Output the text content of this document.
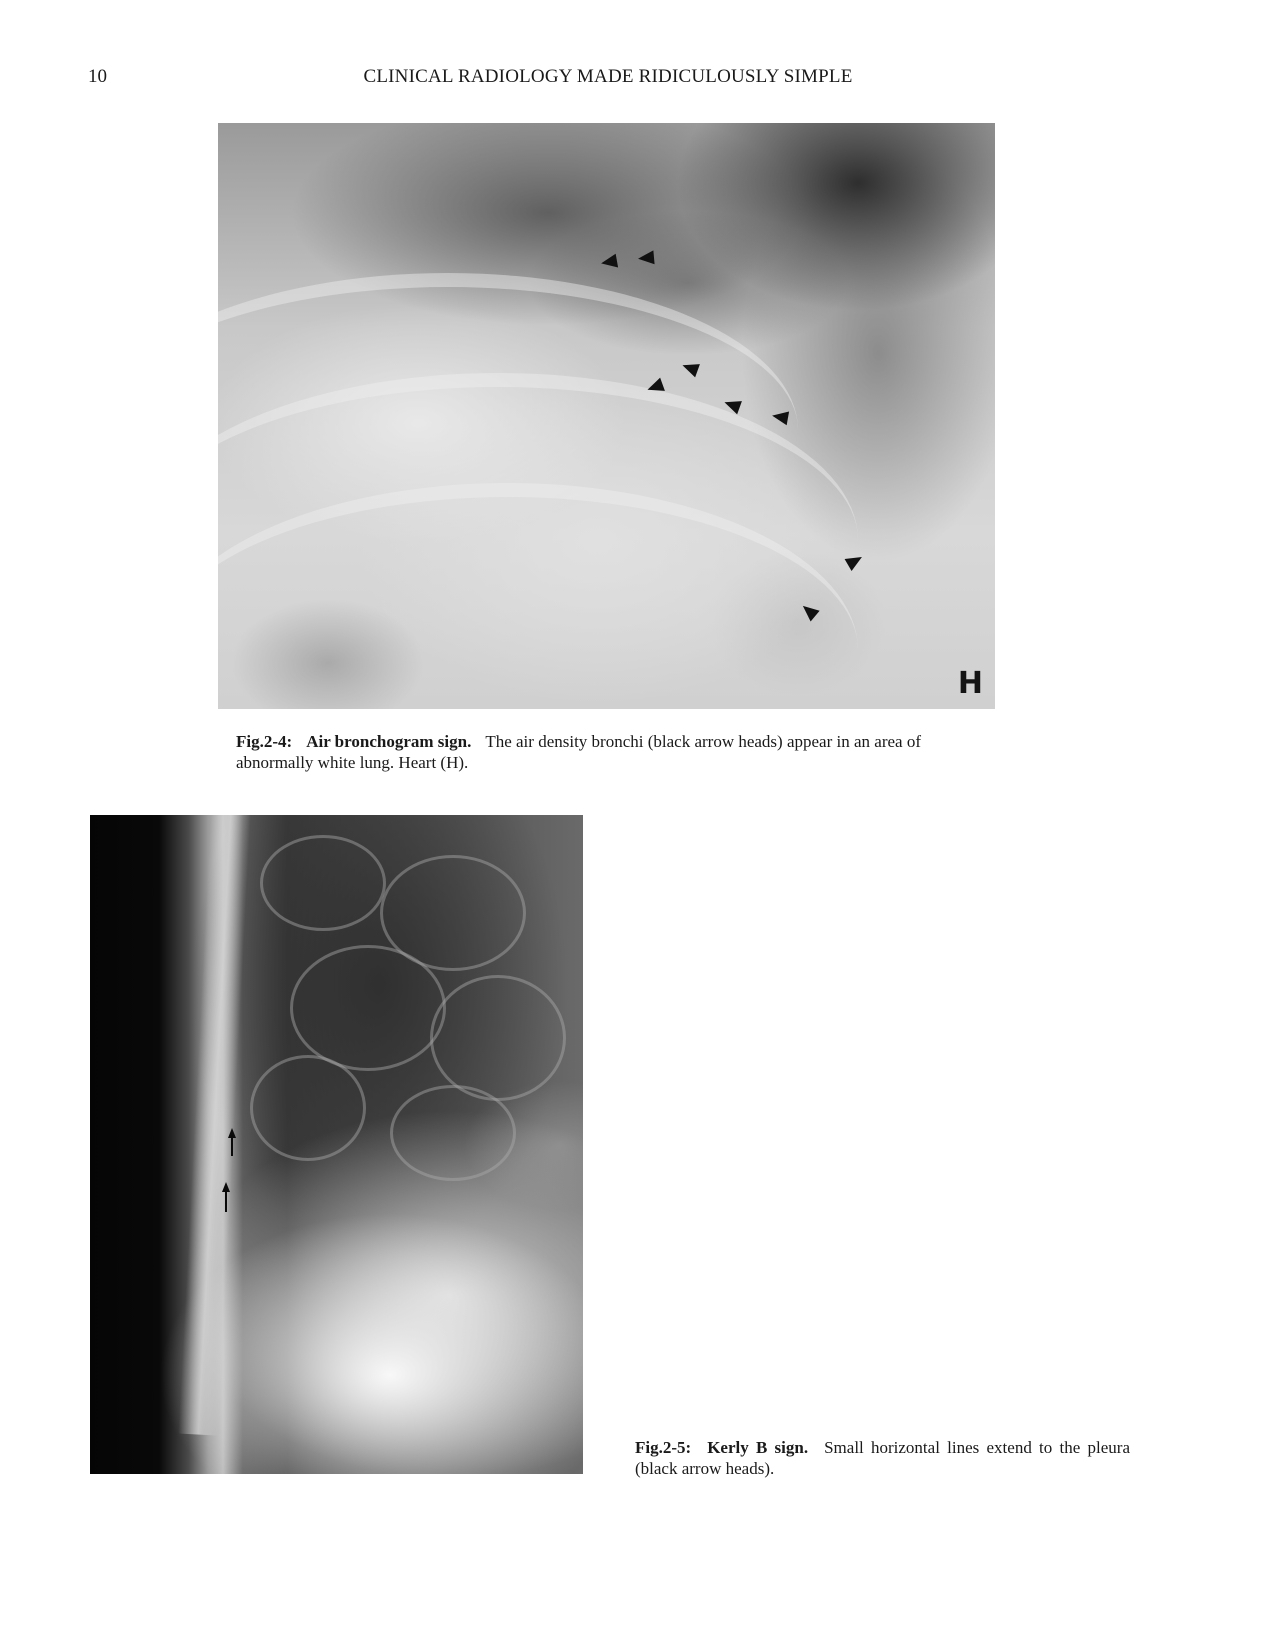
10	CLINICAL RADIOLOGY MADE RIDICULOUSLY SIMPLE
H
Fig.2-4: Air bronchogram sign. The air density bronchi (black arrow heads) appear in an area of abnormally white lung. Heart (H).
Fig.2-5: Kerly B sign. Small horizontal lines extend to the pleura (black arrow heads).
